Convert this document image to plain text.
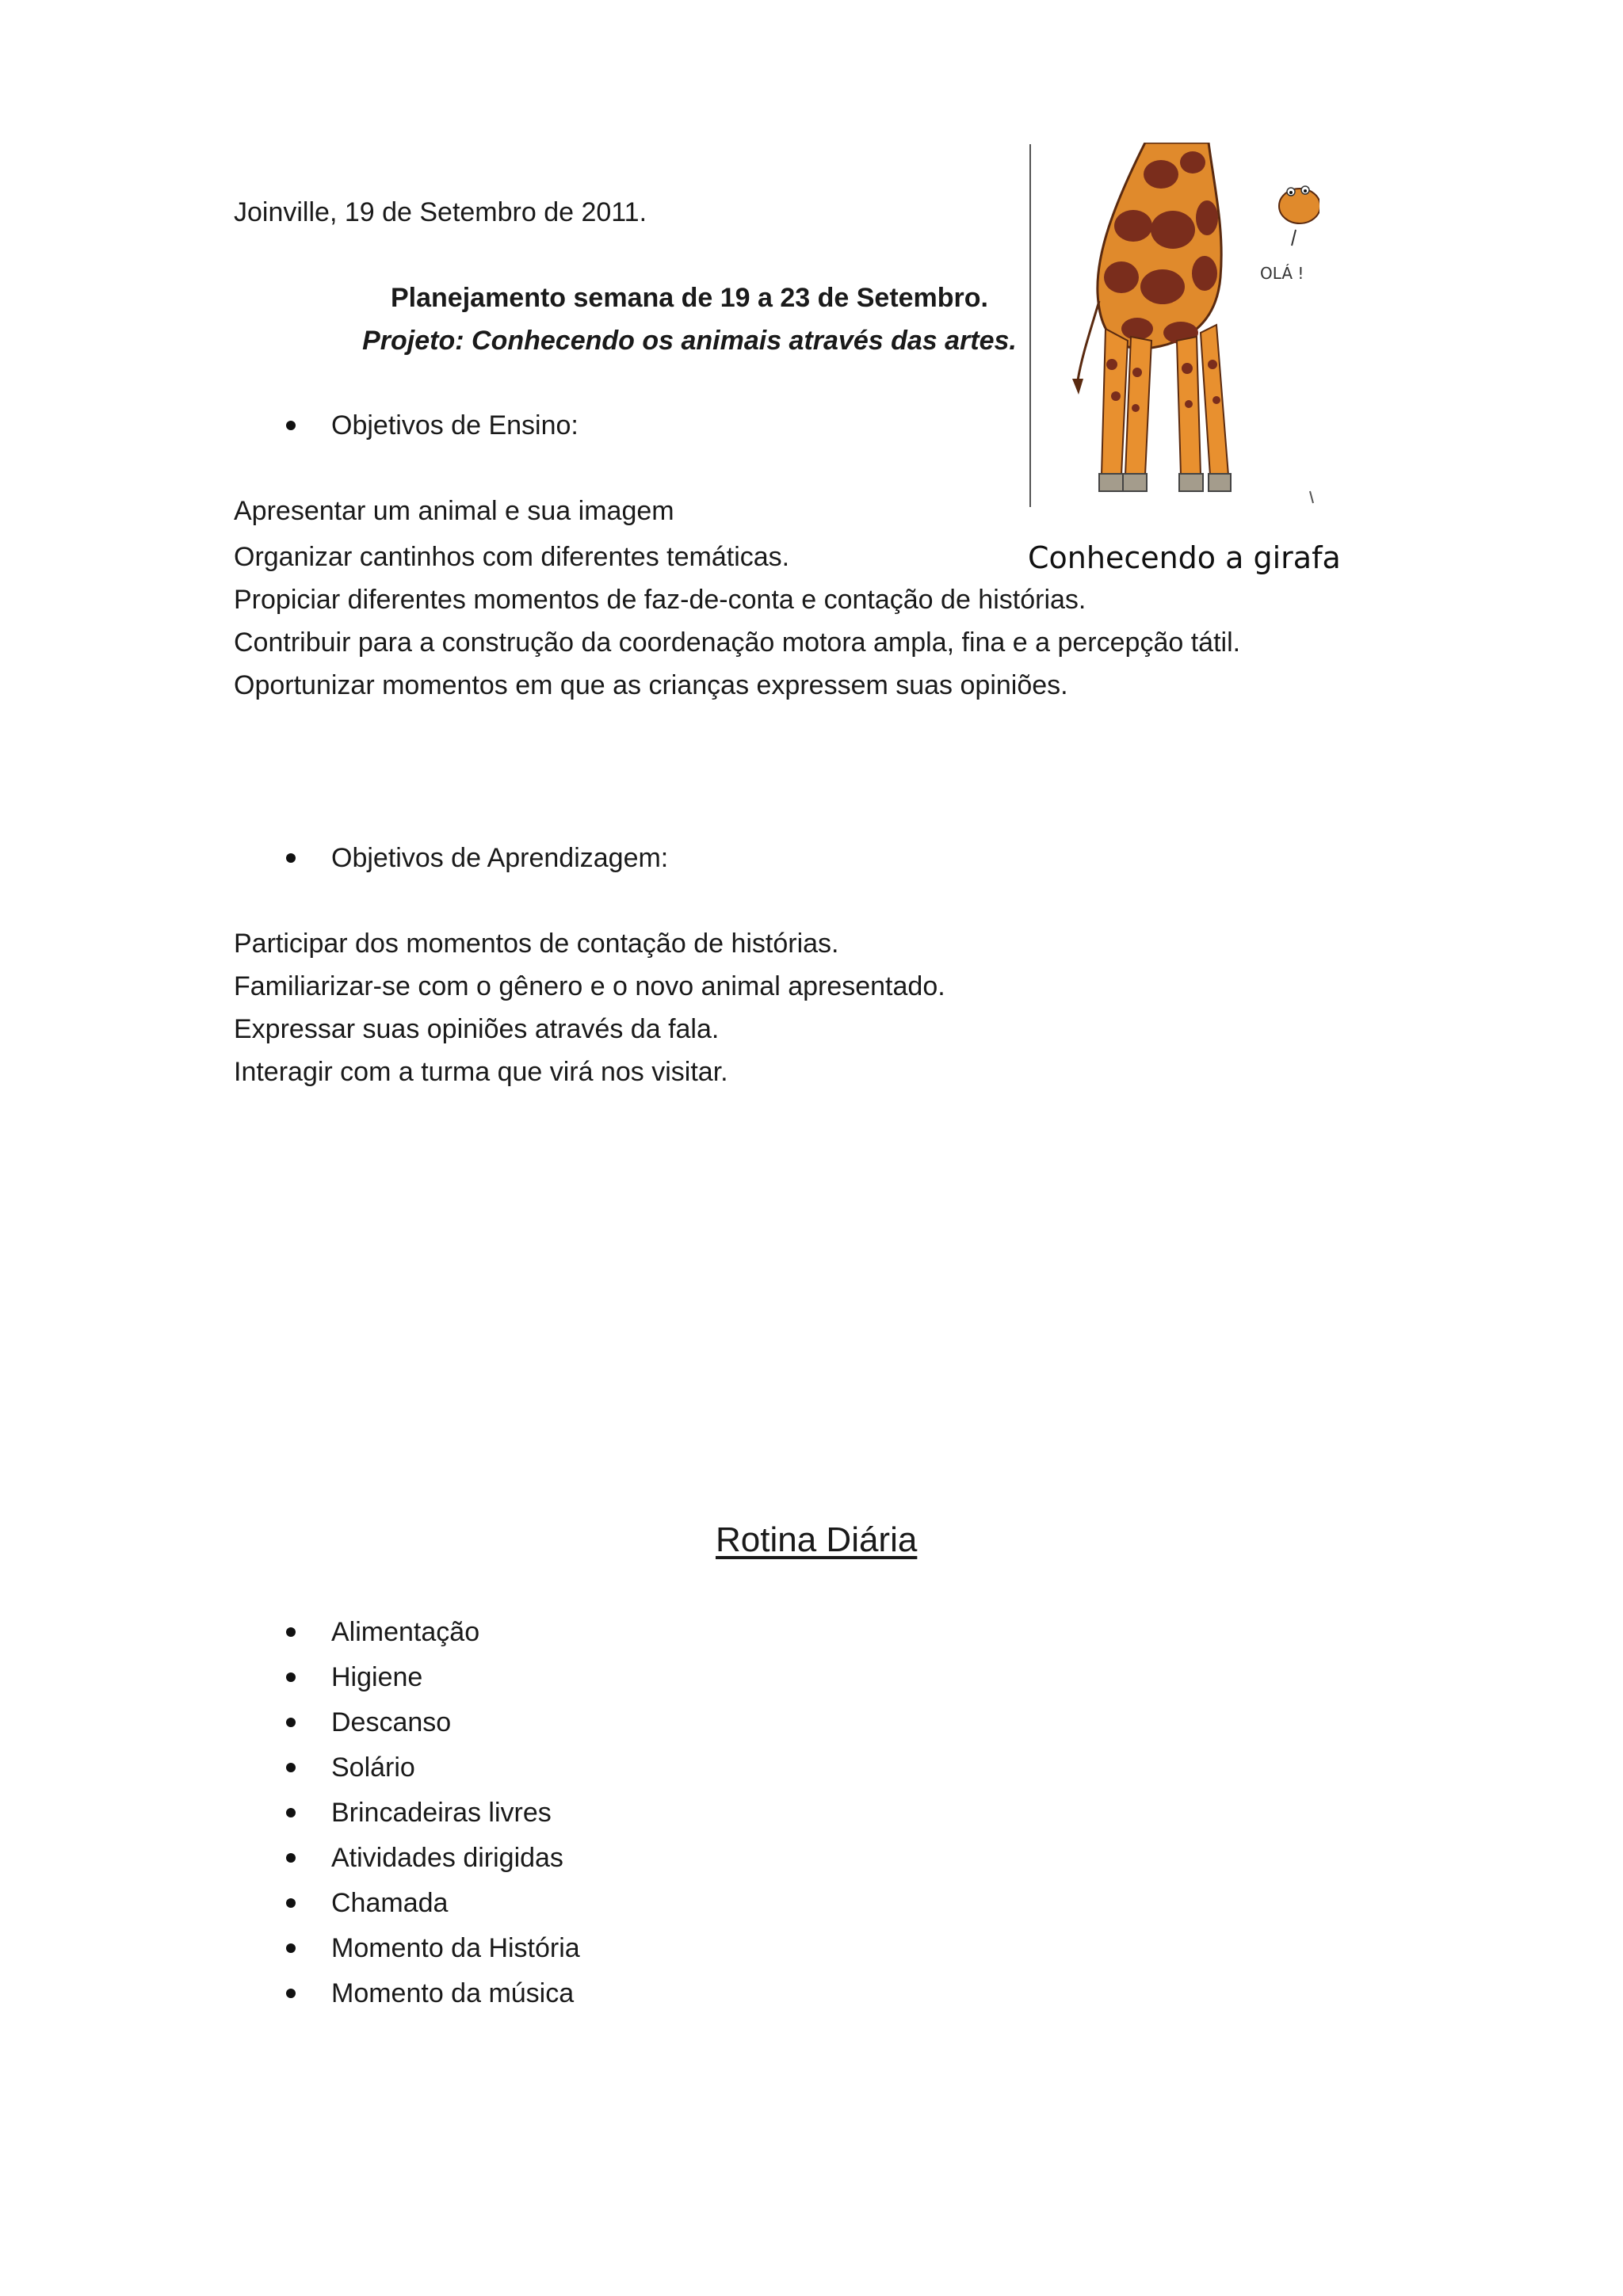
Joinville, 19 de Setembro de 2011.
Planejamento semana de 19 a 23 de Setembro.
Projeto: Conhecendo os animais através das artes.
OLÁ !
Conhecendo a girafa
Objetivos de Ensino:
Apresentar um animal e sua imagem
Organizar cantinhos com diferentes temáticas.
Propiciar diferentes momentos de faz-de-conta e contação de histórias.
Contribuir para a construção da coordenação motora ampla, fina e a percepção tátil.
Oportunizar momentos em que as crianças expressem suas opiniões.
Objetivos de Aprendizagem:
Participar dos momentos de contação de histórias.
Familiarizar-se com o gênero e o novo animal apresentado.
Expressar suas opiniões através da fala.
Interagir com a turma que virá nos visitar.
Rotina Diária
Alimentação
Higiene
Descanso
Solário
Brincadeiras livres
Atividades dirigidas
Chamada
Momento da História
Momento da música
